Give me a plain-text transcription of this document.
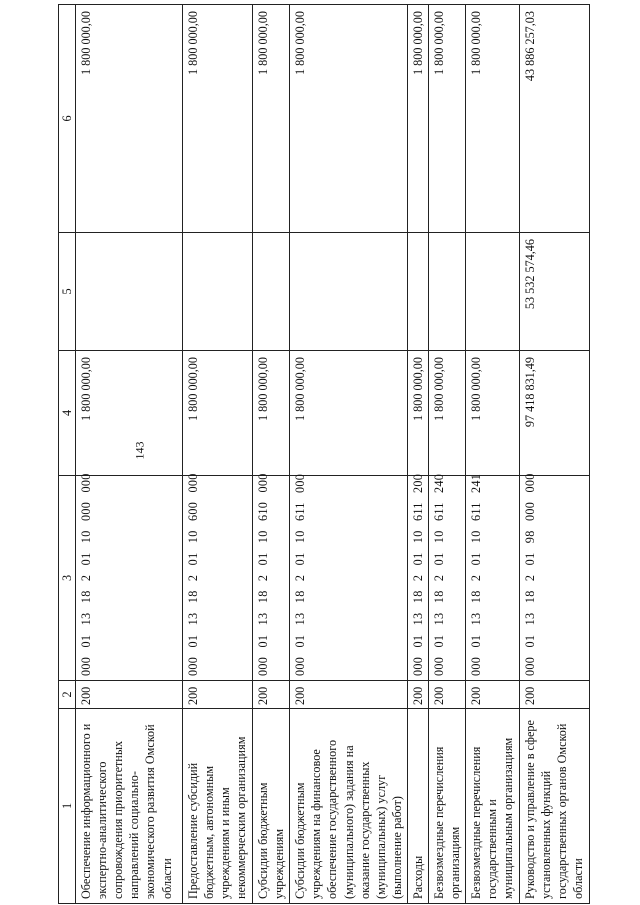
143
1	2	3	4	5	6
Обеспечение информационного и экспертно-аналитического сопровождения приоритетных направлений социально-экономического развития Омской области	200	000 01 13 18 2 01 10 000 000	1 800 000,00		1 800 000,00
Предоставление субсидий бюджетным, автономным учреждениям и иным некоммерческим организациям	200	000 01 13 18 2 01 10 600 000	1 800 000,00		1 800 000,00
Субсидии бюджетным учреждениям	200	000 01 13 18 2 01 10 610 000	1 800 000,00		1 800 000,00
Субсидии бюджетным учреждениям на финансовое обеспечение государственного (муниципального) задания на оказание государственных (муниципальных) услуг (выполнение работ)	200	000 01 13 18 2 01 10 611 000	1 800 000,00		1 800 000,00
Расходы	200	000 01 13 18 2 01 10 611 200	1 800 000,00		1 800 000,00
Безвозмездные перечисления организациям	200	000 01 13 18 2 01 10 611 240	1 800 000,00		1 800 000,00
Безвозмездные перечисления государственным и муниципальным организациям	200	000 01 13 18 2 01 10 611 241	1 800 000,00		1 800 000,00
Руководство и управление в сфере установленных функций государственных органов Омской области	200	000 01 13 18 2 01 98 000 000	97 418 831,49	53 532 574,46	43 886 257,03
